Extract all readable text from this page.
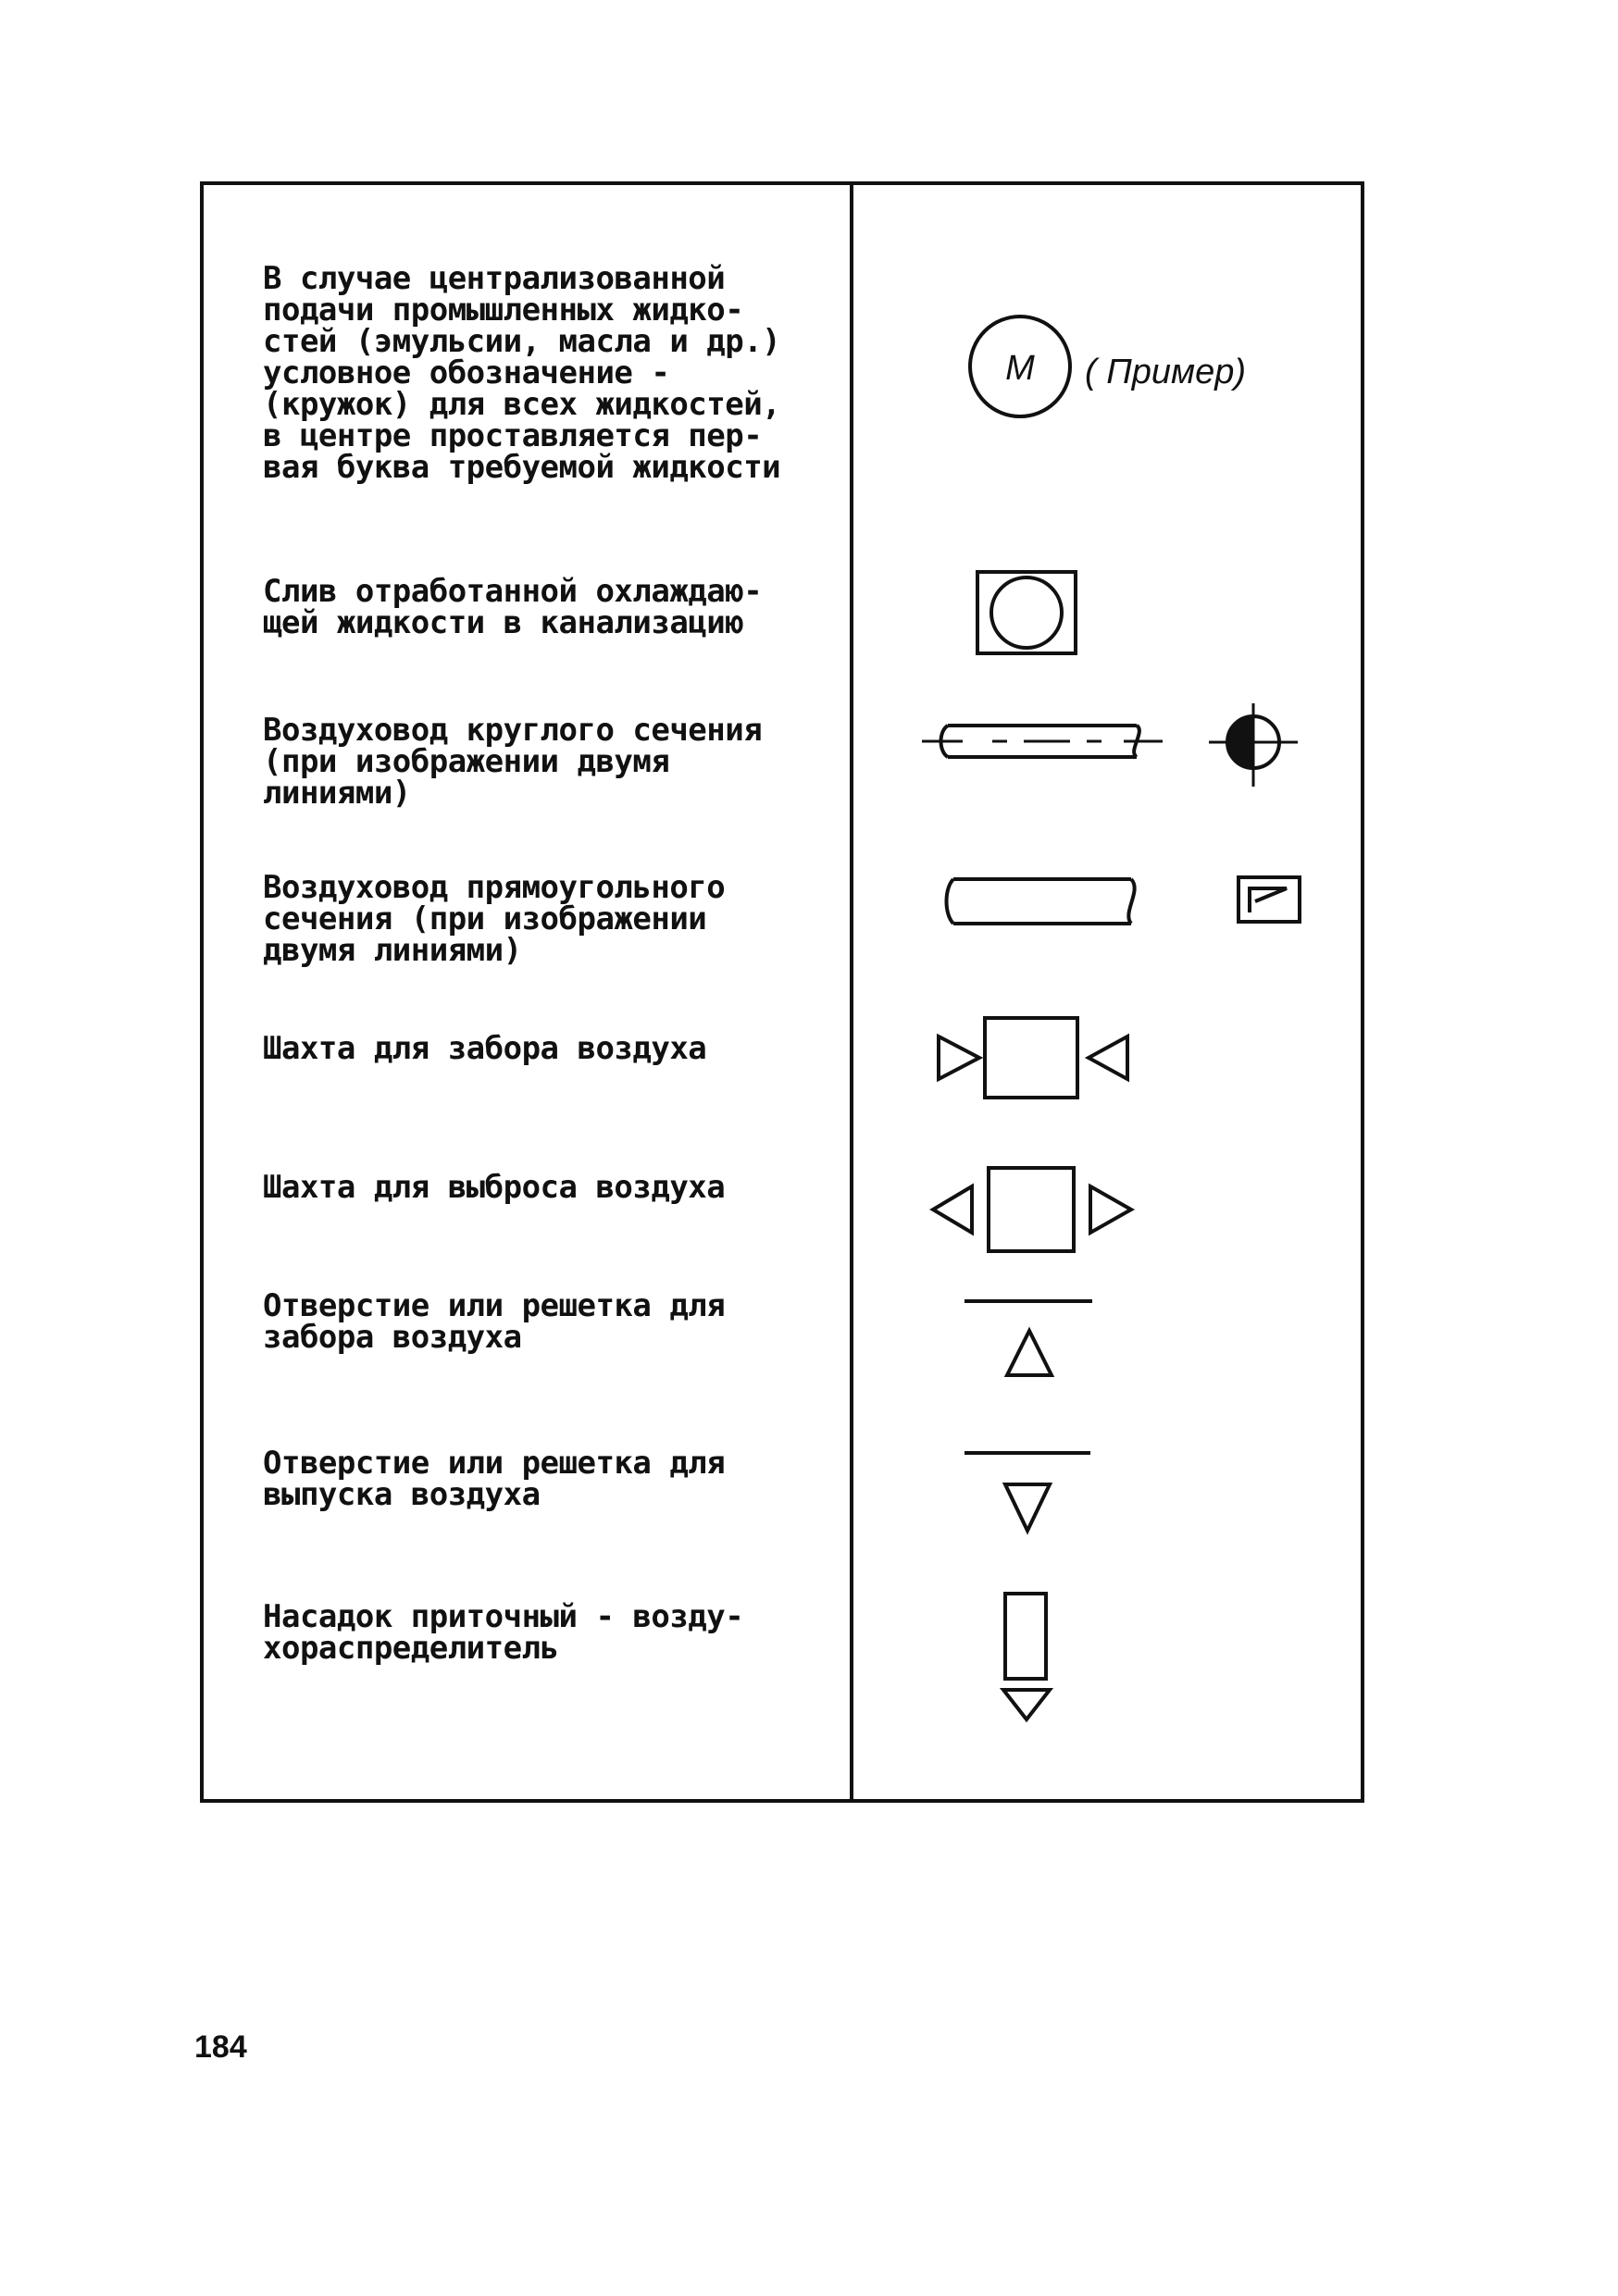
В случае централизованной
подачи промышленных жидко-
стей (эмульсии, масла и др.)
условное обозначение -
(кружок) для всех жидкостей,
в центре проставляется пер-
вая буква требуемой жидкости
М ( Пример)
Слив отработанной охлаждаю-
щей жидкости в канализацию
Воздуховод круглого сечения
(при изображении двумя
линиями)
Воздуховод прямоугольного
сечения (при изображении
двумя линиями)
Шахта для забора воздуха
Шахта для выброса воздуха
Отверстие или решетка для
забора воздуха
Отверстие или решетка для
выпуска воздуха
Насадок приточный - возду-
хораспределитель
184
